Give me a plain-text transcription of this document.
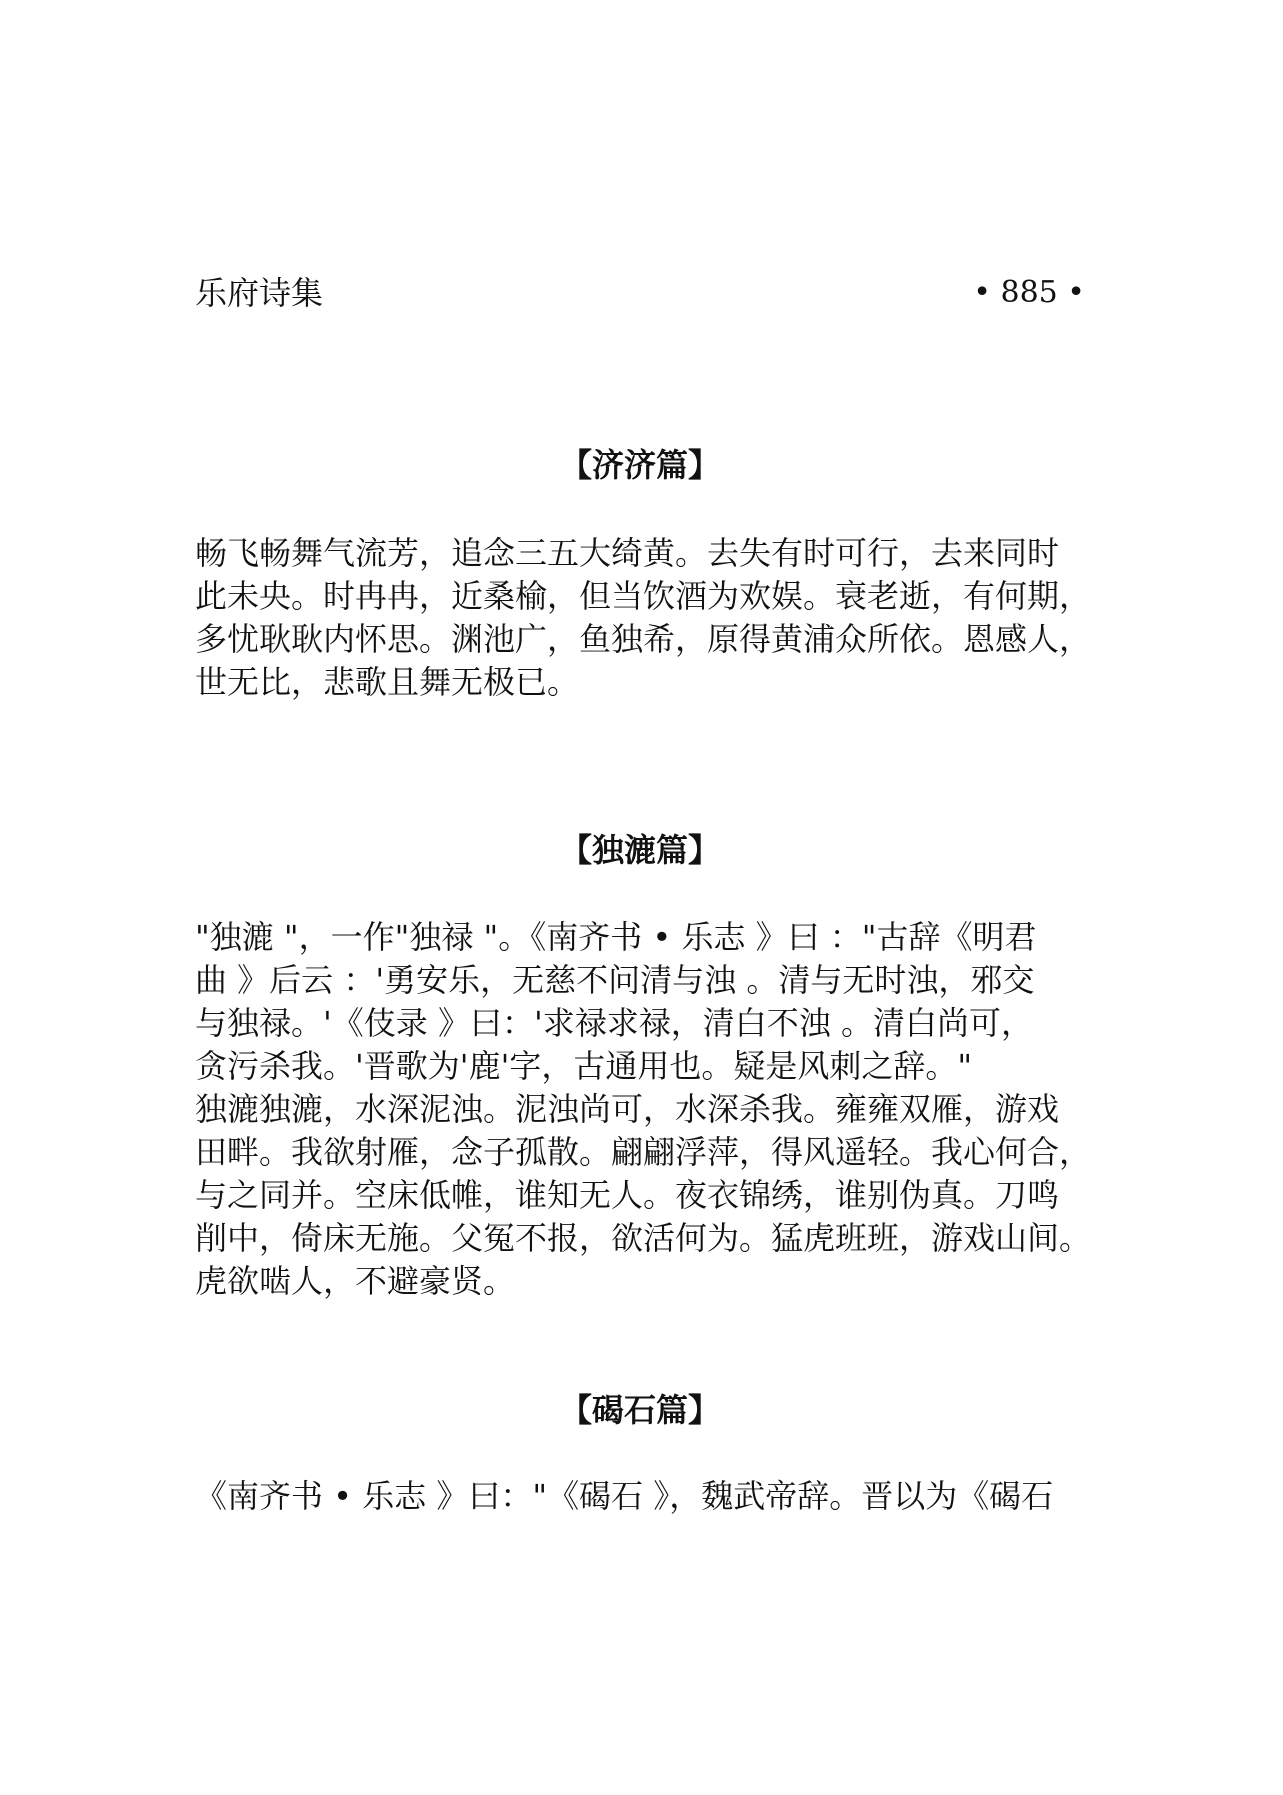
乐府诗集	• 885 •
【济济篇】
畅飞畅舞气流芳，追念三五大绮黄。去失有时可行，去来同时
此未央。时冉冉，近桑榆，但当饮酒为欢娱。衰老逝，有何期，
多忧耿耿内怀思。渊池广，鱼独希，原得黄浦众所依。恩感人，
世无比，悲歌且舞无极已。
【独漉篇】
"独漉 "，一作"独禄 "。《南齐书 • 乐志 》曰 ："古辞《明君
曲 》后云 ：'勇安乐，无慈不问清与浊 。清与无时浊，邪交
与独禄。'《伎录 》曰：'求禄求禄，清白不浊 。清白尚可，
贪污杀我。'晋歌为'鹿'字，古通用也。疑是风刺之辞。"
独漉独漉，水深泥浊。泥浊尚可，水深杀我。雍雍双雁，游戏
田畔。我欲射雁，念子孤散。翩翩浮萍，得风遥轻。我心何合，
与之同并。空床低帷，谁知无人。夜衣锦绣，谁别伪真。刀鸣
削中，倚床无施。父冤不报，欲活何为。猛虎班班，游戏山间。
虎欲啮人，不避豪贤。
【碣石篇】
《南齐书 • 乐志 》曰："《碣石 》，魏武帝辞。晋以为《碣石
